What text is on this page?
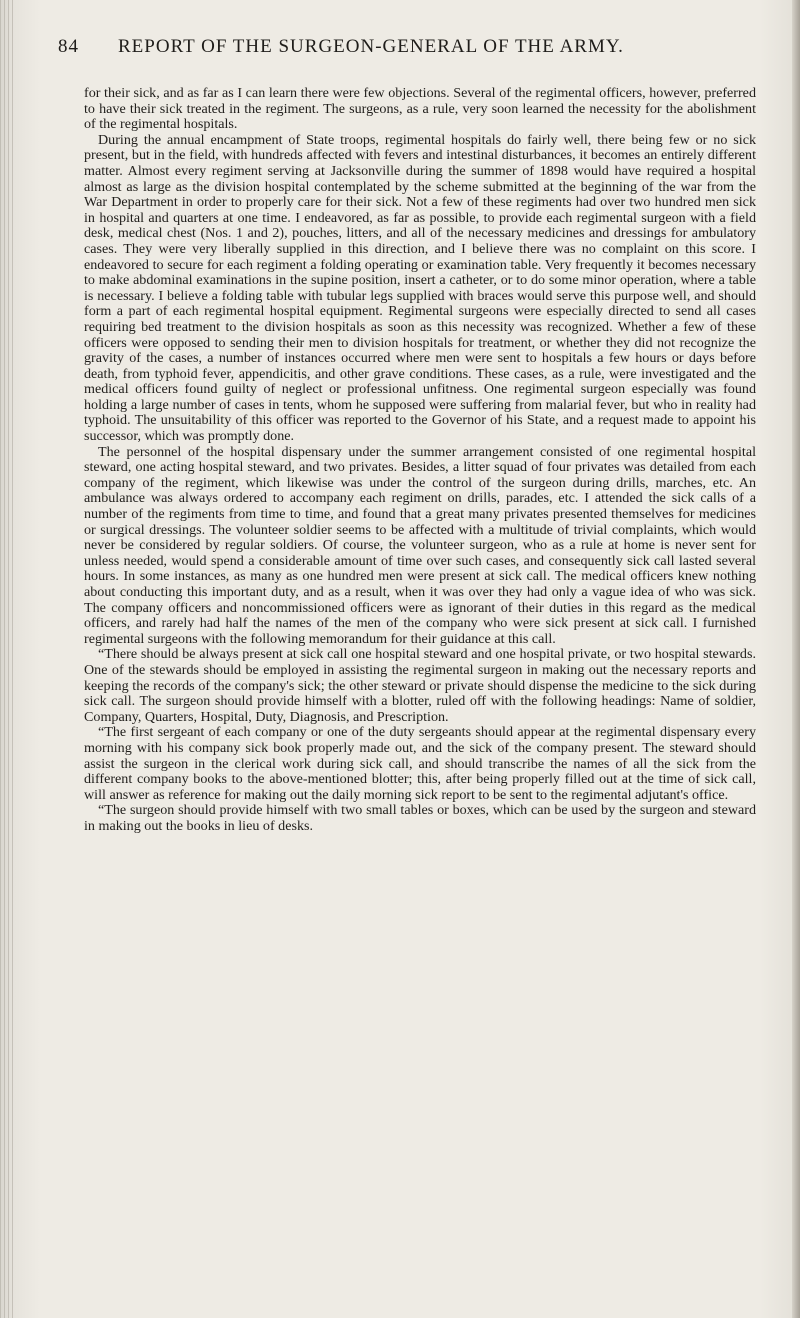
84 REPORT OF THE SURGEON-GENERAL OF THE ARMY.

for their sick, and as far as I can learn there were few objections. Several of the regimental officers, however, preferred to have their sick treated in the regiment. The surgeons, as a rule, very soon learned the necessity for the abolishment of the regimental hospitals.

During the annual encampment of State troops, regimental hospitals do fairly well, there being few or no sick present, but in the field, with hundreds affected with fevers and intestinal disturbances, it becomes an entirely different matter. Almost every regiment serving at Jacksonville during the summer of 1898 would have required a hospital almost as large as the division hospital contemplated by the scheme submitted at the beginning of the war from the War Department in order to properly care for their sick. Not a few of these regiments had over two hundred men sick in hospital and quarters at one time. I endeavored, as far as possible, to provide each regimental surgeon with a field desk, medical chest (Nos. 1 and 2), pouches, litters, and all of the necessary medicines and dressings for ambulatory cases. They were very liberally supplied in this direction, and I believe there was no complaint on this score. I endeavored to secure for each regiment a folding operating or examination table. Very frequently it becomes necessary to make abdominal examinations in the supine position, insert a catheter, or to do some minor operation, where a table is necessary. I believe a folding table with tubular legs supplied with braces would serve this purpose well, and should form a part of each regimental hospital equipment. Regimental surgeons were especially directed to send all cases requiring bed treatment to the division hospitals as soon as this necessity was recognized. Whether a few of these officers were opposed to sending their men to division hospitals for treatment, or whether they did not recognize the gravity of the cases, a number of instances occurred where men were sent to hospitals a few hours or days before death, from typhoid fever, appendicitis, and other grave conditions. These cases, as a rule, were investigated and the medical officers found guilty of neglect or professional unfitness. One regimental surgeon especially was found holding a large number of cases in tents, whom he supposed were suffering from malarial fever, but who in reality had typhoid. The unsuitability of this officer was reported to the Governor of his State, and a request made to appoint his successor, which was promptly done.

The personnel of the hospital dispensary under the summer arrangement consisted of one regimental hospital steward, one acting hospital steward, and two privates. Besides, a litter squad of four privates was detailed from each company of the regiment, which likewise was under the control of the surgeon during drills, marches, etc. An ambulance was always ordered to accompany each regiment on drills, parades, etc. I attended the sick calls of a number of the regiments from time to time, and found that a great many privates presented themselves for medicines or surgical dressings. The volunteer soldier seems to be affected with a multitude of trivial complaints, which would never be considered by regular soldiers. Of course, the volunteer surgeon, who as a rule at home is never sent for unless needed, would spend a considerable amount of time over such cases, and consequently sick call lasted several hours. In some instances, as many as one hundred men were present at sick call. The medical officers knew nothing about conducting this important duty, and as a result, when it was over they had only a vague idea of who was sick. The company officers and noncommissioned officers were as ignorant of their duties in this regard as the medical officers, and rarely had half the names of the men of the company who were sick present at sick call. I furnished regimental surgeons with the following memorandum for their guidance at this call.

“There should be always present at sick call one hospital steward and one hospital private, or two hospital stewards. One of the stewards should be employed in assisting the regimental surgeon in making out the necessary reports and keeping the records of the company's sick; the other steward or private should dispense the medicine to the sick during sick call. The surgeon should provide himself with a blotter, ruled off with the following headings: Name of soldier, Company, Quarters, Hospital, Duty, Diagnosis, and Prescription.

“The first sergeant of each company or one of the duty sergeants should appear at the regimental dispensary every morning with his company sick book properly made out, and the sick of the company present. The steward should assist the surgeon in the clerical work during sick call, and should transcribe the names of all the sick from the different company books to the above-mentioned blotter; this, after being properly filled out at the time of sick call, will answer as reference for making out the daily morning sick report to be sent to the regimental adjutant's office.

“The surgeon should provide himself with two small tables or boxes, which can be used by the surgeon and steward in making out the books in lieu of desks.
